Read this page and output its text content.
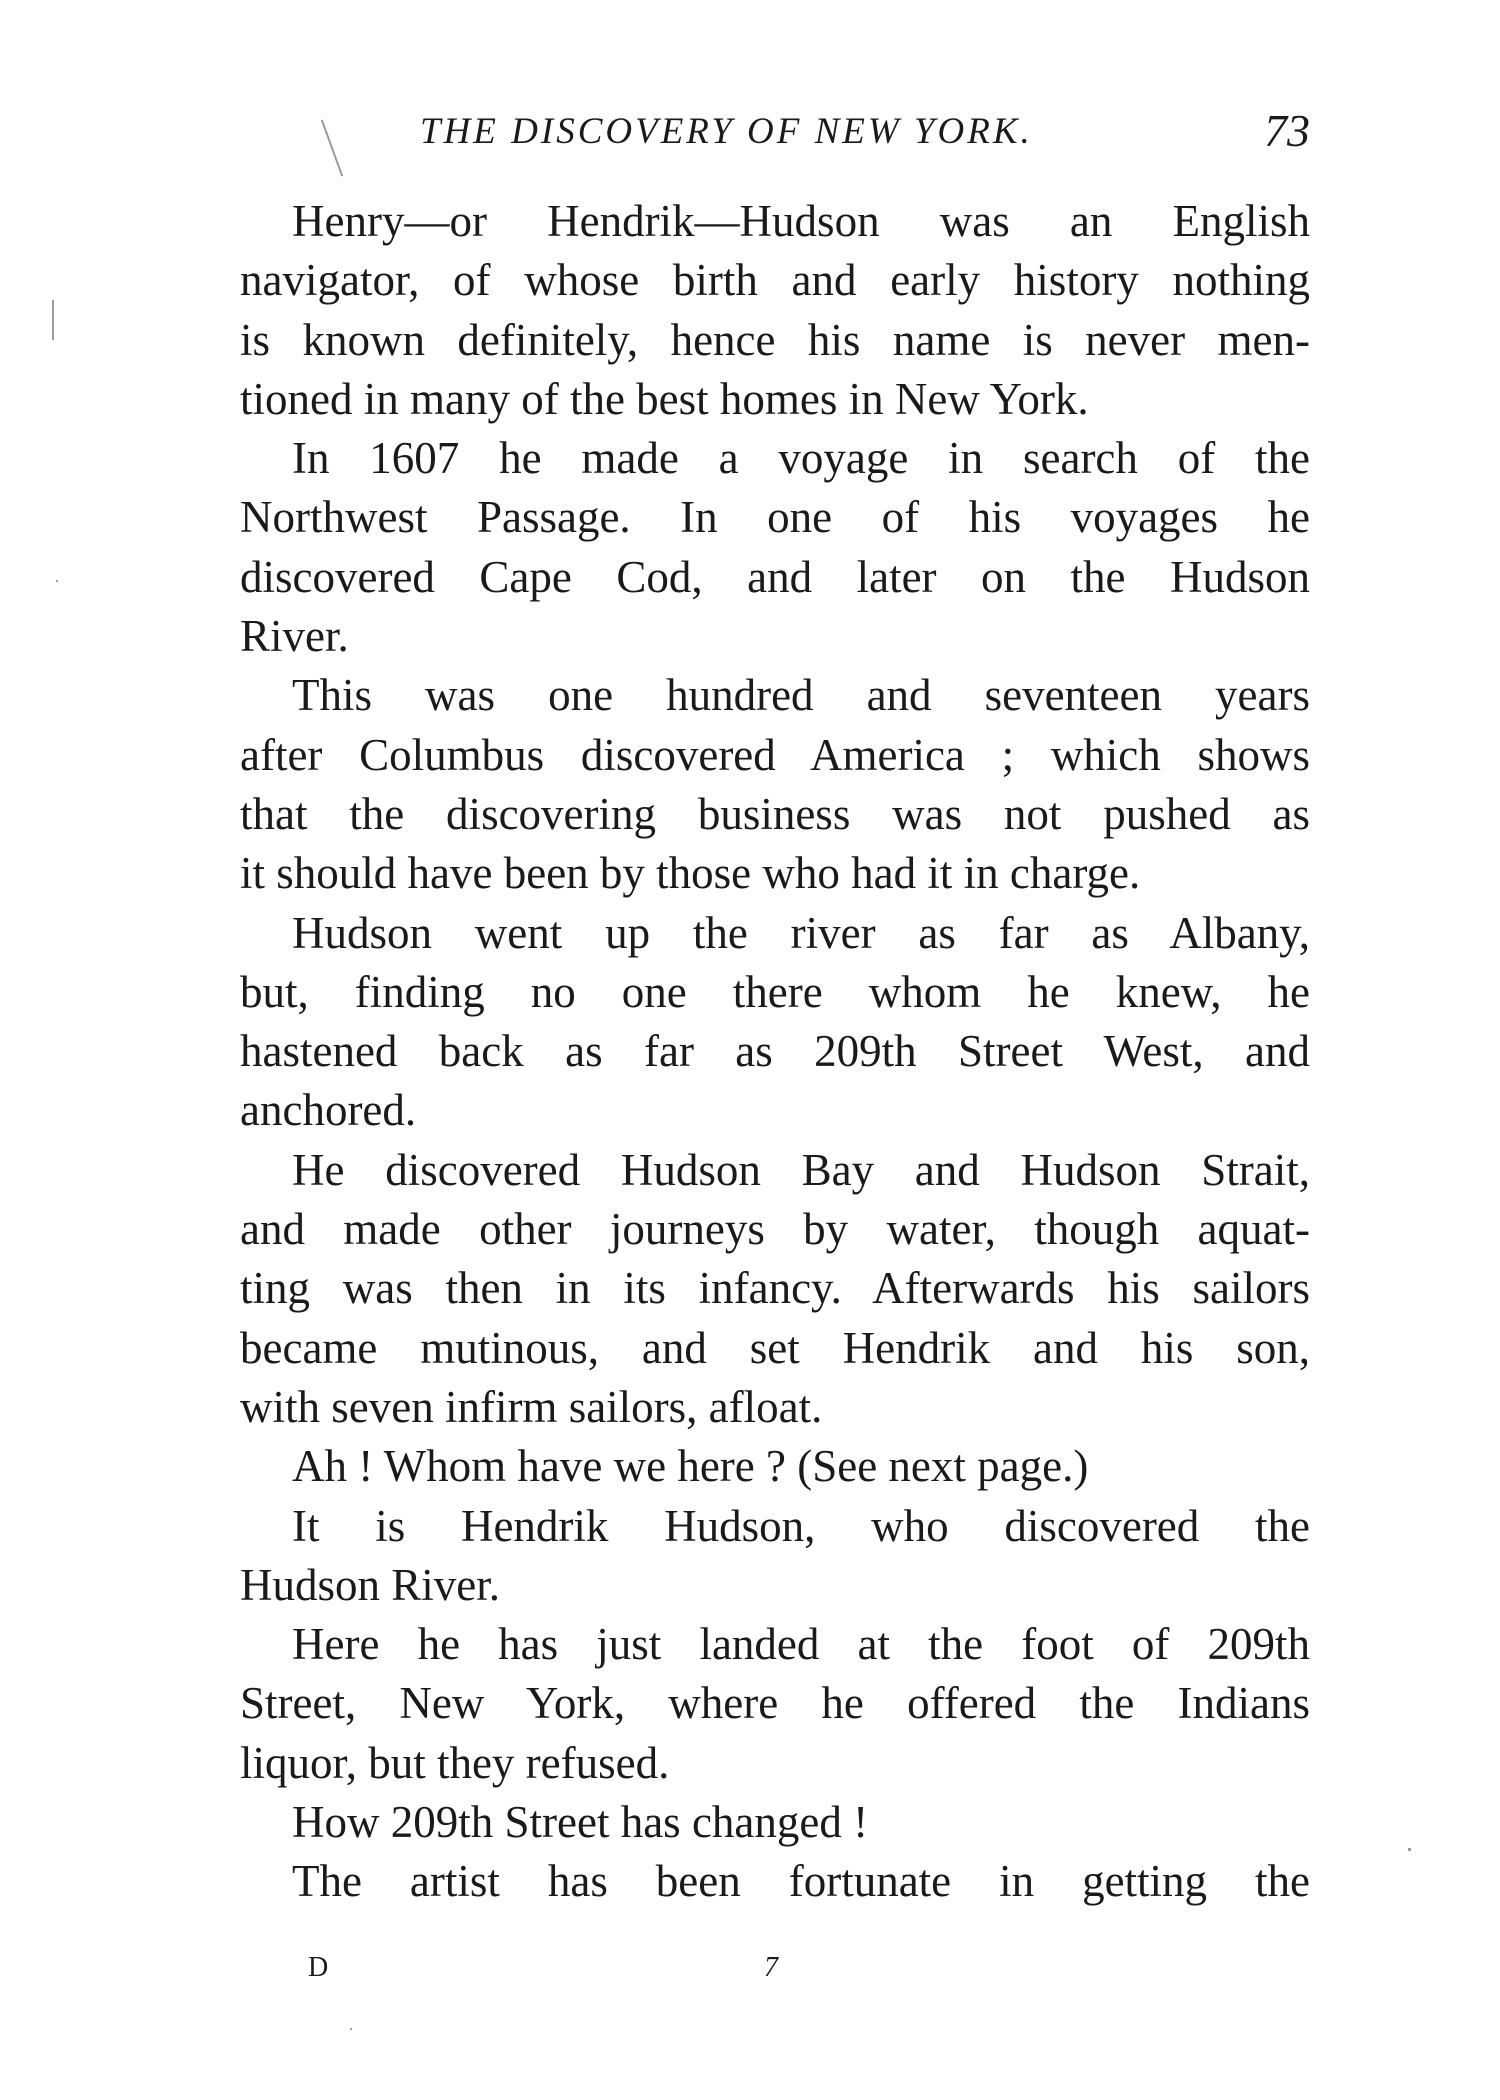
THE DISCOVERY OF NEW YORK.	73
Henry—or Hendrik—Hudson was an English
navigator, of whose birth and early history nothing
is known definitely, hence his name is never men-
tioned in many of the best homes in New York.
In 1607 he made a voyage in search of the
Northwest Passage. In one of his voyages he
discovered Cape Cod, and later on the Hudson
River.
This was one hundred and seventeen years
after Columbus discovered America ; which shows
that the discovering business was not pushed as
it should have been by those who had it in charge.
Hudson went up the river as far as Albany,
but, finding no one there whom he knew, he
hastened back as far as 209th Street West, and
anchored.
He discovered Hudson Bay and Hudson Strait,
and made other journeys by water, though aquat-
ting was then in its infancy. Afterwards his sailors
became mutinous, and set Hendrik and his son,
with seven infirm sailors, afloat.
Ah ! Whom have we here ? (See next page.)
It is Hendrik Hudson, who discovered the
Hudson River.
Here he has just landed at the foot of 209th
Street, New York, where he offered the Indians
liquor, but they refused.
How 209th Street has changed !
The artist has been fortunate in getting the
D	7
